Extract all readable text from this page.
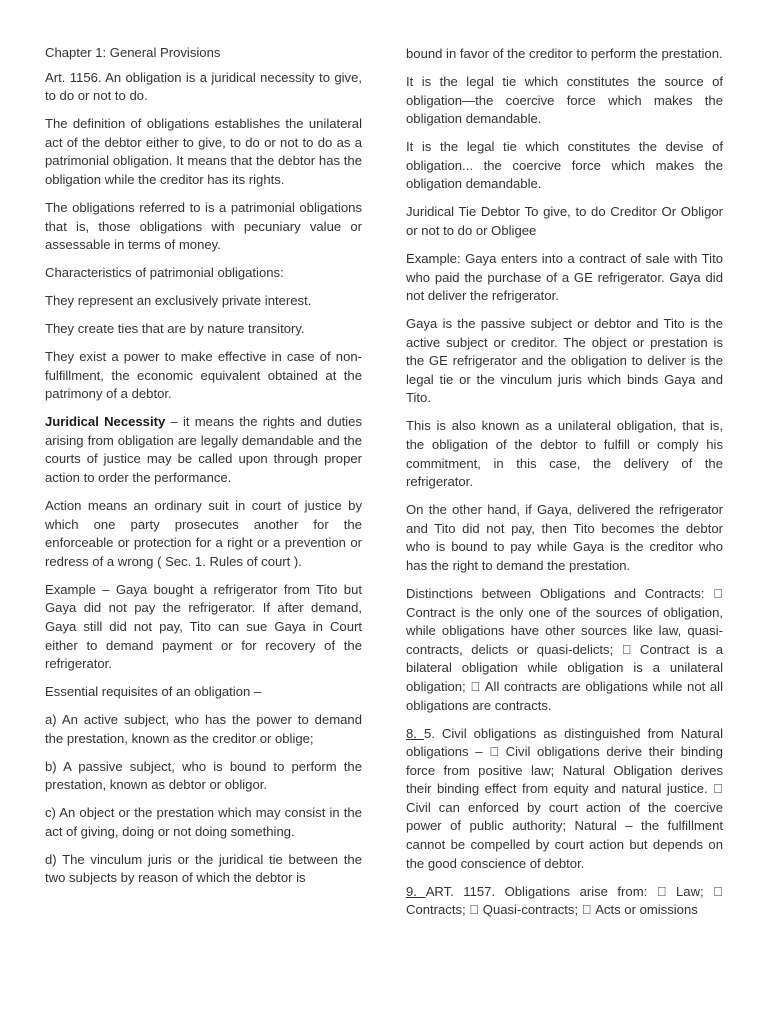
Chapter 1: General Provisions

Art. 1156. An obligation is a juridical necessity to give, to do or not to do.

The definition of obligations establishes the unilateral act of the debtor either to give, to do or not to do as a patrimonial obligation. It means that the debtor has the obligation while the creditor has its rights.

The obligations referred to is a patrimonial obligations that is, those obligations with pecuniary value or assessable in terms of money.

Characteristics of patrimonial obligations:

They represent an exclusively private interest.

They create ties that are by nature transitory.

They exist a power to make effective in case of non- fulfillment, the economic equivalent obtained at the patrimony of a debtor.

Juridical Necessity – it means the rights and duties arising from obligation are legally demandable and the courts of justice may be called upon through proper action to order the performance.

Action means an ordinary suit in court of justice by which one party prosecutes another for the enforceable or protection for a right or a prevention or redress of a wrong ( Sec. 1. Rules of court ).

Example – Gaya bought a refrigerator from Tito but Gaya did not pay the refrigerator. If after demand, Gaya still did not pay, Tito can sue Gaya in Court either to demand payment or for recovery of the refrigerator.

Essential requisites of an obligation –

a) An active subject, who has the power to demand the prestation, known as the creditor or oblige;

b) A passive subject, who is bound to perform the prestation, known as debtor or obligor.

c) An object or the prestation which may consist in the act of giving, doing or not doing something.

d) The vinculum juris or the juridical tie between the two subjects by reason of which the debtor is

bound in favor of the creditor to perform the prestation.

It is the legal tie which constitutes the source of obligation—the coercive force which makes the obligation demandable.

It is the legal tie which constitutes the devise of obligation... the coercive force which makes the obligation demandable.

Juridical Tie Debtor To give, to do Creditor Or Obligor or not to do or Obligee

Example: Gaya enters into a contract of sale with Tito who paid the purchase of a GE refrigerator. Gaya did not deliver the refrigerator.

Gaya is the passive subject or debtor and Tito is the active subject or creditor. The object or prestation is the GE refrigerator and the obligation to deliver is the legal tie or the vinculum juris which binds Gaya and Tito.

This is also known as a unilateral obligation, that is, the obligation of the debtor to fulfill or comply his commitment, in this case, the delivery of the refrigerator.

On the other hand, if Gaya, delivered the refrigerator and Tito did not pay, then Tito becomes the debtor who is bound to pay while Gaya is the creditor who has the right to demand the prestation.

Distinctions between Obligations and Contracts: Contract is the only one of the sources of obligation, while obligations have other sources like law, quasi-contracts, delicts or quasi-delicts; Contract is a bilateral obligation while obligation is a unilateral obligation; All contracts are obligations while not all obligations are contracts.

8. 5. Civil obligations as distinguished from Natural obligations – Civil obligations derive their binding force from positive law; Natural Obligation derives their binding effect from equity and natural justice. Civil can enforced by court action of the coercive power of public authority; Natural – the fulfillment cannot be compelled by court action but depends on the good conscience of debtor.

9. ART. 1157. Obligations arise from: Law; Contracts; Quasi-contracts; Acts or omissions
